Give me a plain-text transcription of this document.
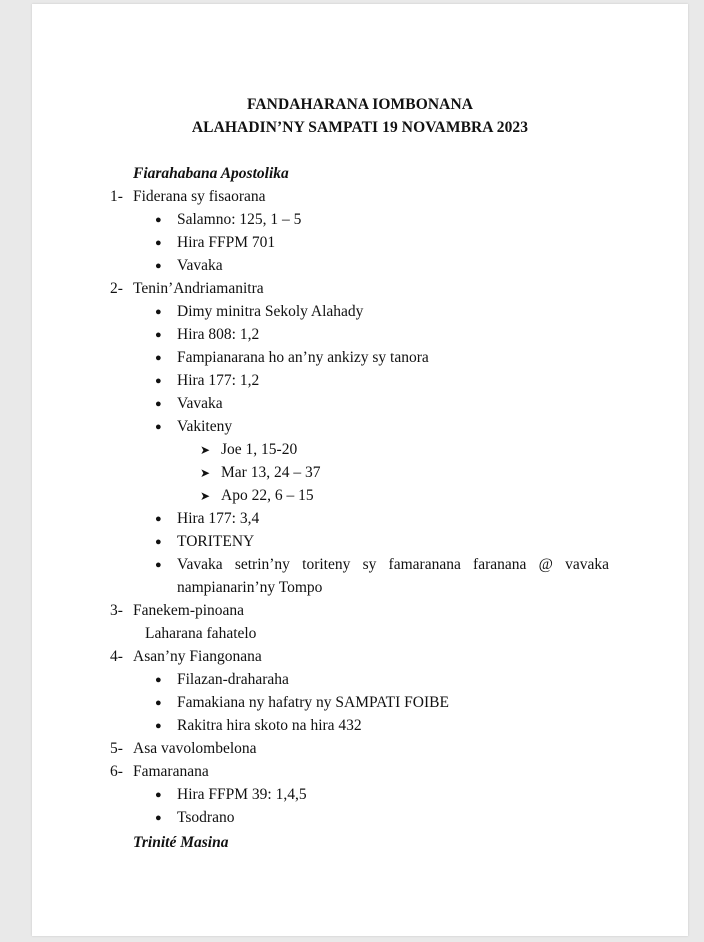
FANDAHARANA IOMBONANA
ALAHADIN’NY SAMPATI 19 NOVAMBRA 2023
Fiarahabana Apostolika
1- Fiderana sy fisaorana
● Salamno: 125, 1 – 5
● Hira FFPM 701
● Vavaka
2- Tenin’Andriamanitra
● Dimy minitra Sekoly Alahady
● Hira 808: 1,2
● Fampianarana ho an’ny ankizy sy tanora
● Hira 177: 1,2
● Vavaka
● Vakiteny
➤ Joe 1, 15-20
➤ Mar 13, 24 – 37
➤ Apo 22, 6 – 15
● Hira 177: 3,4
● TORITENY
● Vavaka setrin’ny toriteny sy famaranana faranana @ vavaka
nampianarin’ny Tompo
3- Fanekem-pinoana
Laharana fahatelo
4- Asan’ny Fiangonana
● Filazan-draharaha
● Famakiana ny hafatry ny SAMPATI FOIBE
● Rakitra hira skoto na hira 432
5- Asa vavolombelona
6- Famaranana
● Hira FFPM 39: 1,4,5
● Tsodrano
Trinité Masina
